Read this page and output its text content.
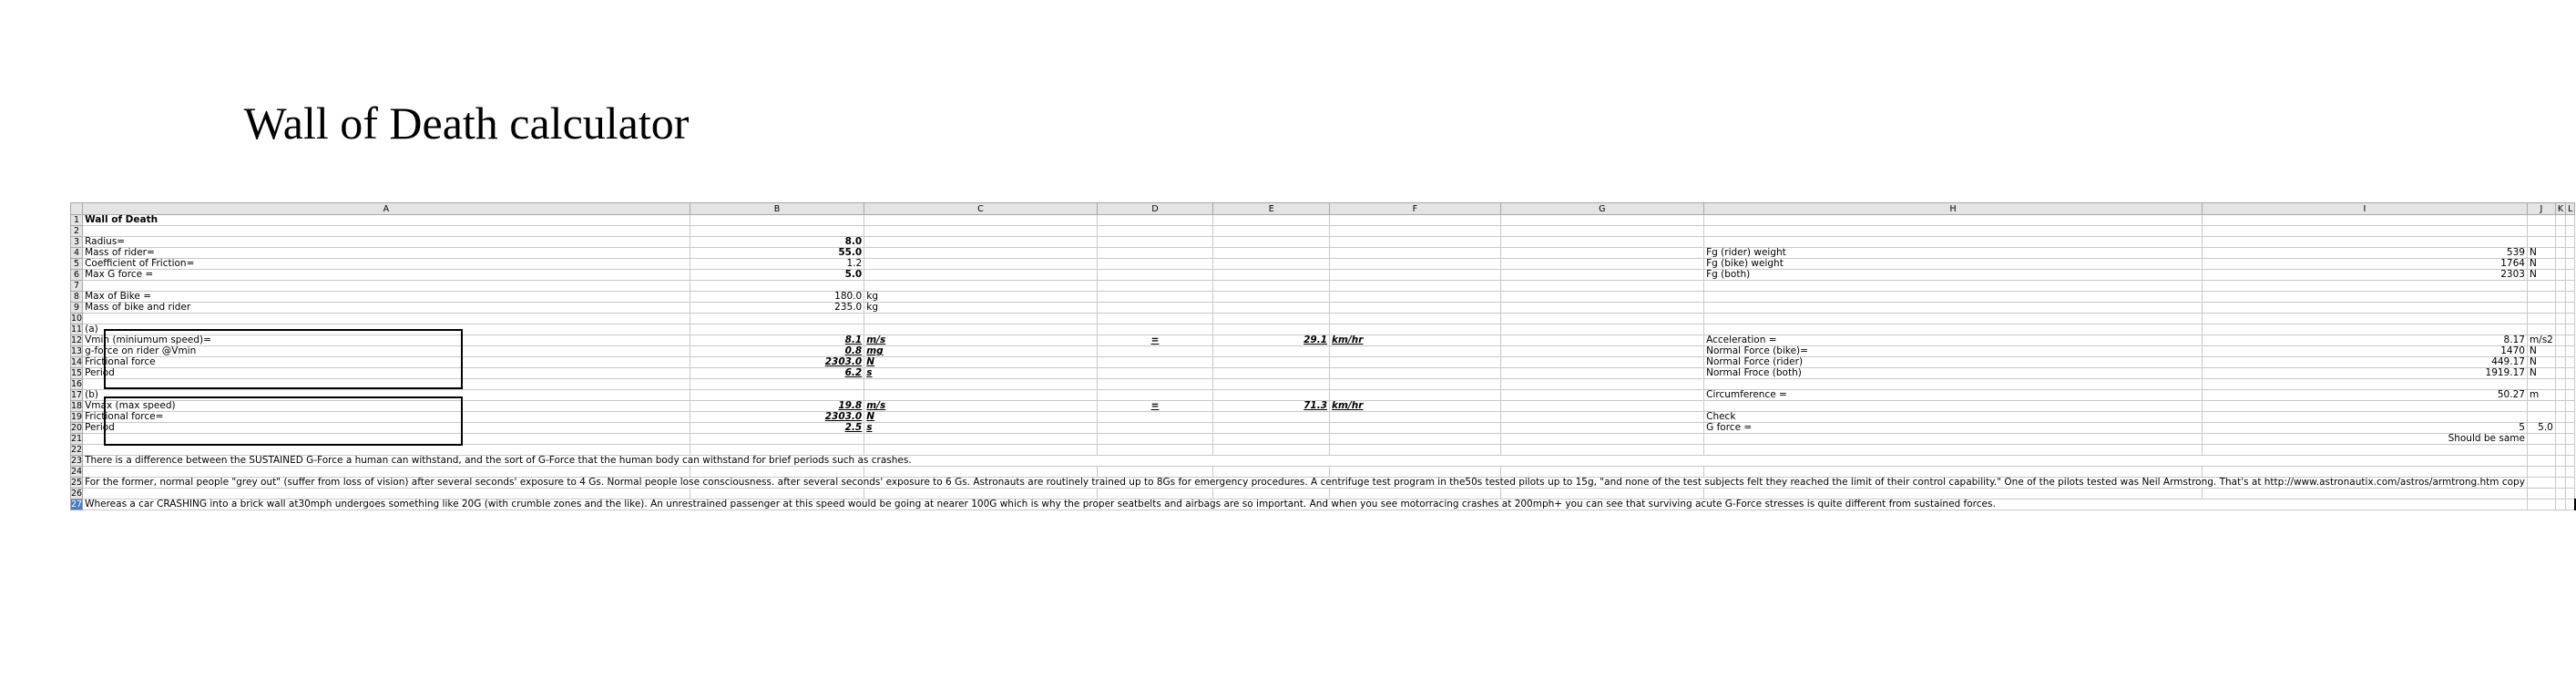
Wall of Death calculator
	A	B	C	D	E	F	G	H	I	J	K	L
1	Wall of Death											
2												
3	Radius=	8.0										
4	Mass of rider=	55.0						Fg (rider) weight	539	N		
5	Coefficient of Friction=	1.2						Fg (bike) weight	1764	N		
6	Max G force =	5.0						Fg (both)	2303	N		
7												
8	Max of Bike =	180.0	kg									
9	Mass of bike and rider	235.0	kg									
10												
11	(a)											
12	Vmin (miniumum speed)=	8.1	m/s	=	29.1	km/hr		Acceleration =	8.17	m/s2		
13	g-force on rider @Vmin	0.8	mg					Normal Force (bike)=	1470	N		
14	Frictional force	2303.0	N					Normal Force (rider)	449.17	N		
15	Period	6.2	s					Normal Froce (both)	1919.17	N		
16												
17	(b)							Circumference =	50.27	m		
18	Vmax (max speed)	19.8	m/s	=	71.3	km/hr						
19	Frictional force=	2303.0	N					Check				
20	Period	2.5	s					G force =	5	5.0		
21									Should be same			
22												
23	There is a difference between the SUSTAINED G-Force a human can withstand, and the sort of G-Force that the human body can withstand for brief periods such as crashes.											
24												
25	For the former, normal people "grey out" (suffer from loss of vision) after several seconds' exposure to 4 Gs. Normal people lose consciousness. after several seconds' exposure to 6 Gs. Astronauts are routinely trained up to 8Gs for emergency procedures. A centrifuge test program in the50s tested pilots up to 15g, "and none of the test subjects felt they reached the limit of their control capability." One of the pilots tested was Neil Armstrong. That's at http://www.astronautix.com/astros/armtrong.htm copy											
26												
27	Whereas a car CRASHING into a brick wall at30mph undergoes something like 20G (with crumble zones and the like). An unrestrained passenger at this speed would be going at nearer 100G which is why the proper seatbelts and airbags are so important. And when you see motorracing crashes at 200mph+ you can see that surviving acute G-Force stresses is quite different from sustained forces.											
